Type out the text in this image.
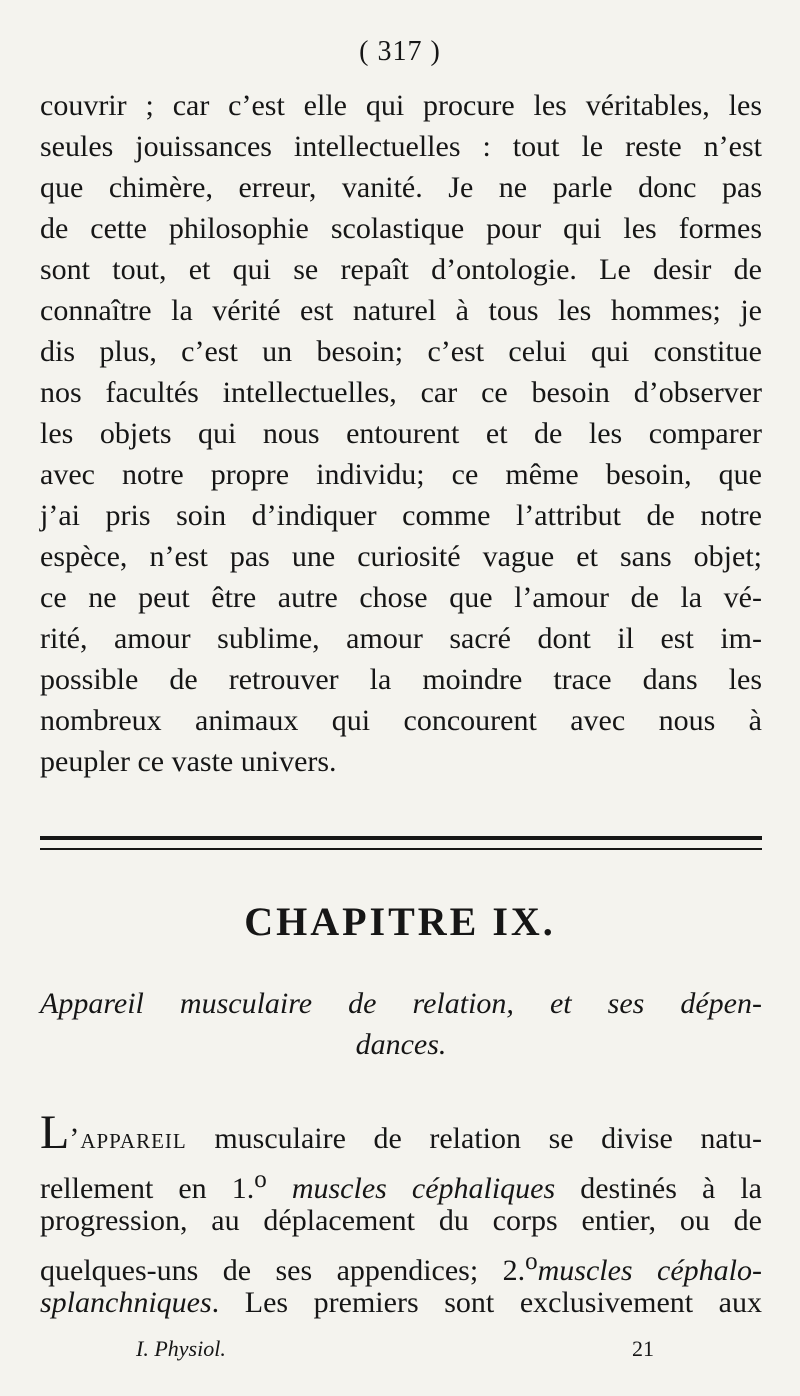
( 317 )
couvrir ; car c’est elle qui procure les véritables, les
seules jouissances intellectuelles : tout le reste n’est
que chimère, erreur, vanité. Je ne parle donc pas
de cette philosophie scolastique pour qui les formes
sont tout, et qui se repaît d’ontologie. Le desir de
connaître la vérité est naturel à tous les hommes; je
dis plus, c’est un besoin; c’est celui qui constitue
nos facultés intellectuelles, car ce besoin d’observer
les objets qui nous entourent et de les comparer
avec notre propre individu; ce même besoin, que
j’ai pris soin d’indiquer comme l’attribut de notre
espèce, n’est pas une curiosité vague et sans objet;
ce ne peut être autre chose que l’amour de la vé-
rité, amour sublime, amour sacré dont il est im-
possible de retrouver la moindre trace dans les
nombreux animaux qui concourent avec nous à
peupler ce vaste univers.
CHAPITRE IX.
Appareil musculaire de relation, et ses dépen-
dances.
L’appareil musculaire de relation se divise natu-
rellement en 1.$^o$ muscles céphaliques destinés à la
progression, au déplacement du corps entier, ou de
quelques-uns de ses appendices; 2.$^o$muscles céphalo-
splanchniques. Les premiers sont exclusivement aux
I. Physiol.	21
